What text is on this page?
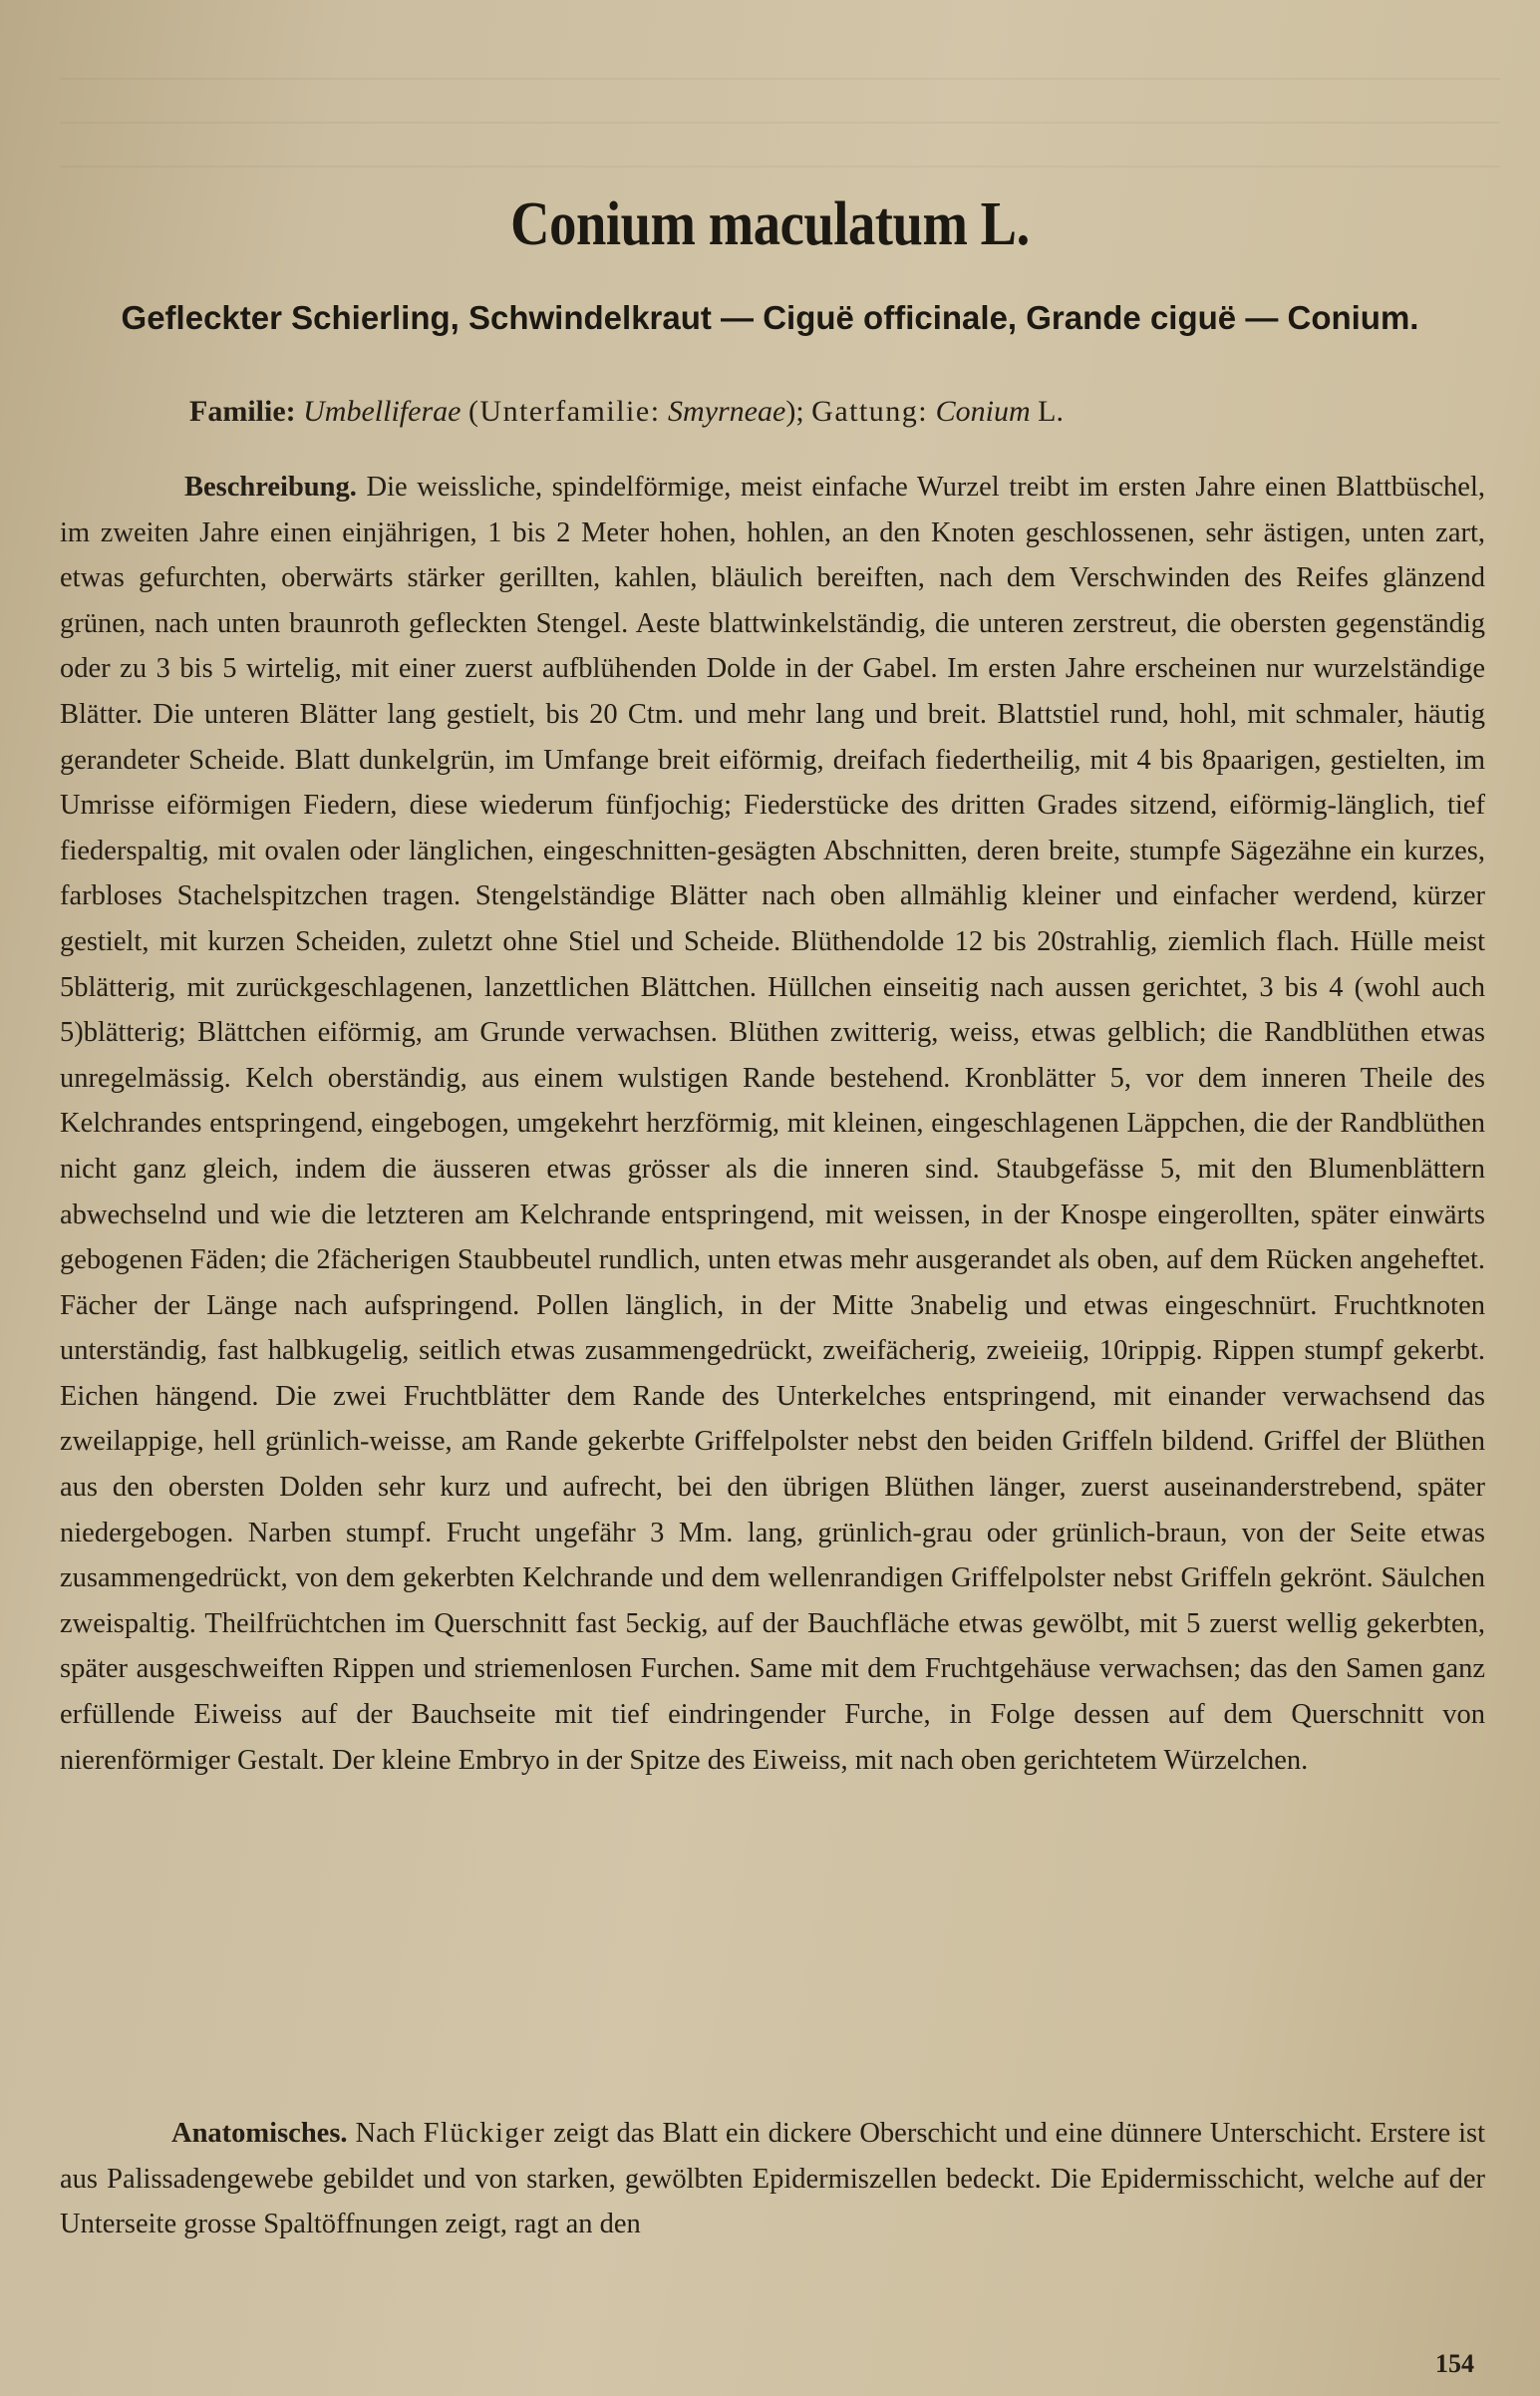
Conium maculatum L.
Gefleckter Schierling, Schwindelkraut — Ciguë officinale, Grande ciguë — Conium.
Familie: Umbelliferae (Unterfamilie: Smyrneae); Gattung: Conium L.
Beschreibung. Die weissliche, spindelförmige, meist einfache Wurzel treibt im ersten Jahre einen Blattbüschel, im zweiten Jahre einen einjährigen, 1 bis 2 Meter hohen, hohlen, an den Knoten geschlossenen, sehr ästigen, unten zart, etwas gefurchten, oberwärts stärker gerillten, kahlen, bläulich bereiften, nach dem Verschwinden des Reifes glänzend grünen, nach unten braunroth gefleckten Stengel. Aeste blattwinkelständig, die unteren zerstreut, die obersten gegenständig oder zu 3 bis 5 wirtelig, mit einer zuerst aufblühenden Dolde in der Gabel. Im ersten Jahre erscheinen nur wurzelständige Blätter. Die unteren Blätter lang gestielt, bis 20 Ctm. und mehr lang und breit. Blattstiel rund, hohl, mit schmaler, häutig gerandeter Scheide. Blatt dunkelgrün, im Umfange breit eiförmig, dreifach fiedertheilig, mit 4 bis 8paarigen, gestielten, im Umrisse eiförmigen Fiedern, diese wiederum fünfjochig; Fiederstücke des dritten Grades sitzend, eiförmig-länglich, tief fiederspaltig, mit ovalen oder länglichen, eingeschnitten-gesägten Abschnitten, deren breite, stumpfe Sägezähne ein kurzes, farbloses Stachelspitzchen tragen. Stengelständige Blätter nach oben allmählig kleiner und einfacher werdend, kürzer gestielt, mit kurzen Scheiden, zuletzt ohne Stiel und Scheide. Blüthendolde 12 bis 20strahlig, ziemlich flach. Hülle meist 5blätterig, mit zurückgeschlagenen, lanzettlichen Blättchen. Hüllchen einseitig nach aussen gerichtet, 3 bis 4 (wohl auch 5)blätterig; Blättchen eiförmig, am Grunde verwachsen. Blüthen zwitterig, weiss, etwas gelblich; die Randblüthen etwas unregelmässig. Kelch oberständig, aus einem wulstigen Rande bestehend. Kronblätter 5, vor dem inneren Theile des Kelchrandes entspringend, eingebogen, umgekehrt herzförmig, mit kleinen, eingeschlagenen Läppchen, die der Randblüthen nicht ganz gleich, indem die äusseren etwas grösser als die inneren sind. Staubgefässe 5, mit den Blumenblättern abwechselnd und wie die letzteren am Kelchrande entspringend, mit weissen, in der Knospe eingerollten, später einwärts gebogenen Fäden; die 2fächerigen Staubbeutel rundlich, unten etwas mehr ausgerandet als oben, auf dem Rücken angeheftet. Fächer der Länge nach aufspringend. Pollen länglich, in der Mitte 3nabelig und etwas eingeschnürt. Fruchtknoten unterständig, fast halbkugelig, seitlich etwas zusammengedrückt, zweifächerig, zweieiig, 10rippig. Rippen stumpf gekerbt. Eichen hängend. Die zwei Fruchtblätter dem Rande des Unterkelches entspringend, mit einander verwachsend das zweilappige, hell grünlich-weisse, am Rande gekerbte Griffelpolster nebst den beiden Griffeln bildend. Griffel der Blüthen aus den obersten Dolden sehr kurz und aufrecht, bei den übrigen Blüthen länger, zuerst auseinanderstrebend, später niedergebogen. Narben stumpf. Frucht ungefähr 3 Mm. lang, grünlich-grau oder grünlich-braun, von der Seite etwas zusammengedrückt, von dem gekerbten Kelchrande und dem wellenrandigen Griffelpolster nebst Griffeln gekrönt. Säulchen zweispaltig. Theilfrüchtchen im Querschnitt fast 5eckig, auf der Bauchfläche etwas gewölbt, mit 5 zuerst wellig gekerbten, später ausgeschweiften Rippen und striemenlosen Furchen. Same mit dem Fruchtgehäuse verwachsen; das den Samen ganz erfüllende Eiweiss auf der Bauchseite mit tief eindringender Furche, in Folge dessen auf dem Querschnitt von nierenförmiger Gestalt. Der kleine Embryo in der Spitze des Eiweiss, mit nach oben gerichtetem Würzelchen.
Anatomisches. Nach Flückiger zeigt das Blatt ein dickere Oberschicht und eine dünnere Unterschicht. Erstere ist aus Palissadengewebe gebildet und von starken, gewölbten Epidermiszellen bedeckt. Die Epidermisschicht, welche auf der Unterseite grosse Spaltöffnungen zeigt, ragt an den
154
